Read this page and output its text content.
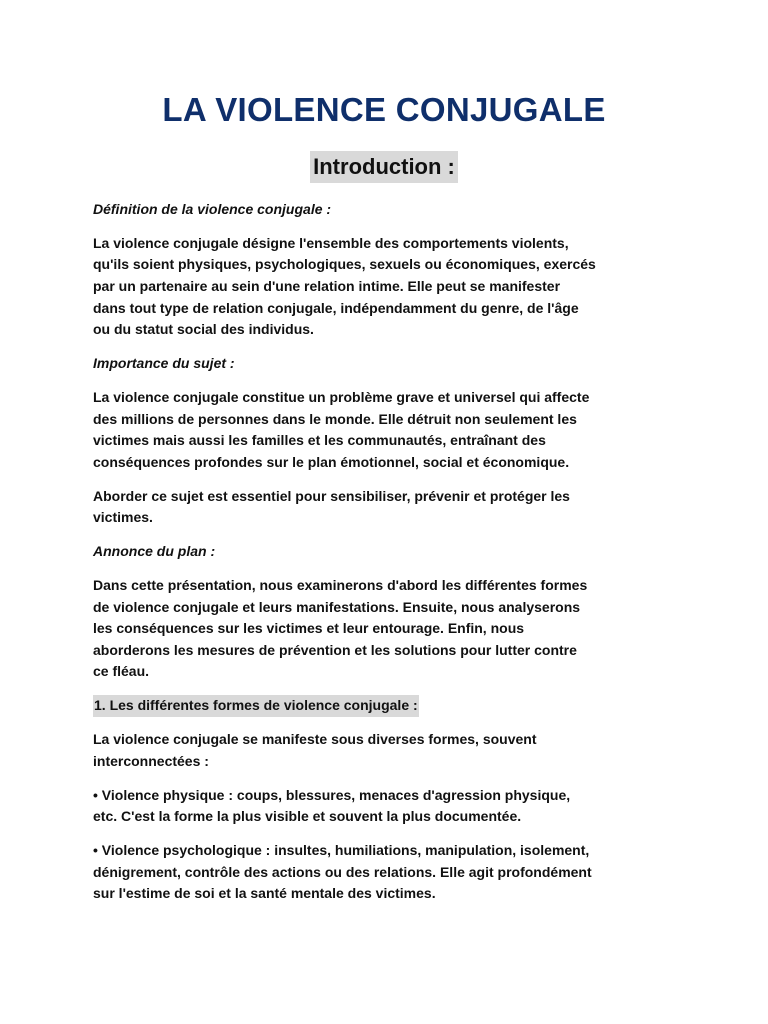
LA VIOLENCE CONJUGALE
Introduction :

Définition de la violence conjugale :

La violence conjugale désigne l'ensemble des comportements violents,
qu'ils soient physiques, psychologiques, sexuels ou économiques, exercés
par un partenaire au sein d'une relation intime. Elle peut se manifester
dans tout type de relation conjugale, indépendamment du genre, de l'âge
ou du statut social des individus.

Importance du sujet :

La violence conjugale constitue un problème grave et universel qui affecte
des millions de personnes dans le monde. Elle détruit non seulement les
victimes mais aussi les familles et les communautés, entraînant des
conséquences profondes sur le plan émotionnel, social et économique.

Aborder ce sujet est essentiel pour sensibiliser, prévenir et protéger les
victimes.

Annonce du plan :

Dans cette présentation, nous examinerons d'abord les différentes formes
de violence conjugale et leurs manifestations. Ensuite, nous analyserons
les conséquences sur les victimes et leur entourage. Enfin, nous
aborderons les mesures de prévention et les solutions pour lutter contre
ce fléau.

1. Les différentes formes de violence conjugale :

La violence conjugale se manifeste sous diverses formes, souvent
interconnectées :

• Violence physique : coups, blessures, menaces d'agression physique,
etc. C'est la forme la plus visible et souvent la plus documentée.

• Violence psychologique : insultes, humiliations, manipulation, isolement,
dénigrement, contrôle des actions ou des relations. Elle agit profondément
sur l'estime de soi et la santé mentale des victimes.
